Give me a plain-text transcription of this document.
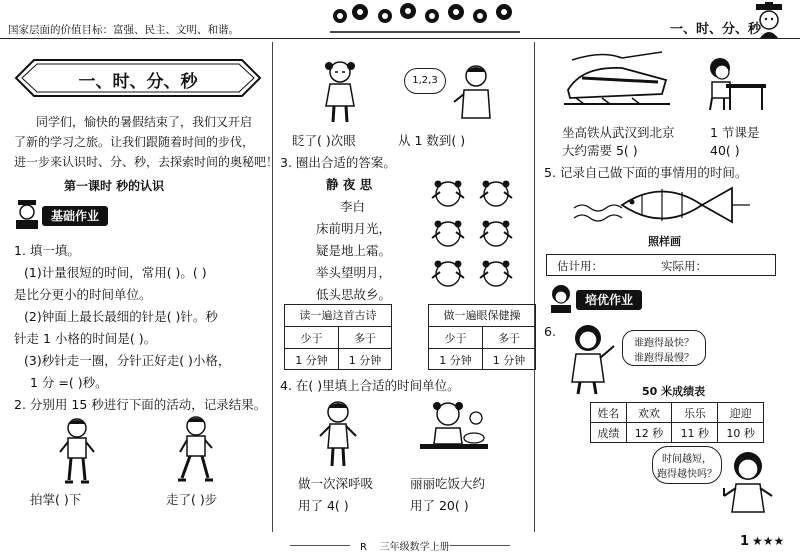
国家层面的价值目标：富强、民主、文明、和谐。	一、时、分、秒
一、时、分、秒
同学们，愉快的暑假结束了，我们又开启
了新的学习之旅。让我们跟随着时间的步伐，
进一步来认识时、分、秒，去探索时间的奥秘吧！
第一课时 秒的认识
基础作业
1. 填一填。
(1)计量很短的时间，常用( )。( )
是比分更小的时间单位。
(2)钟面上最长最细的针是( )针。秒
针走 1 小格的时间是( )。
(3)秒针走一圈，分针正好走( )小格，
1 分 =( )秒。
2. 分别用 15 秒进行下面的活动，记录结果。
拍掌( )下	走了( )步
1,2,3
眨了( )次眼	从 1 数到( )
3. 圈出合适的答案。
静 夜 思
李白
床前明月光，
疑是地上霜。
举头望明月，
低头思故乡。
读一遍这首古诗
少于	多于
1 分钟	1 分钟
做一遍眼保健操
少于	多于
1 分钟	1 分钟
4. 在( )里填上合适的时间单位。
做一次深呼吸	丽丽吃饭大约
用了 4( )	用了 20( )
坐高铁从武汉到北京
大约需要 5( )
1 节课是
40( )
5. 记录自己做下面的事情用的时间。
照样画
估计用：	实际用：
培优作业
6.
谁跑得最快？
谁跑得最慢？
50 米成绩表
姓名	欢欢	乐乐	迎迎
成绩	12 秒	11 秒	10 秒
时间越短，
跑得越快吗？
R    三年级数学上册	1 ★★★
